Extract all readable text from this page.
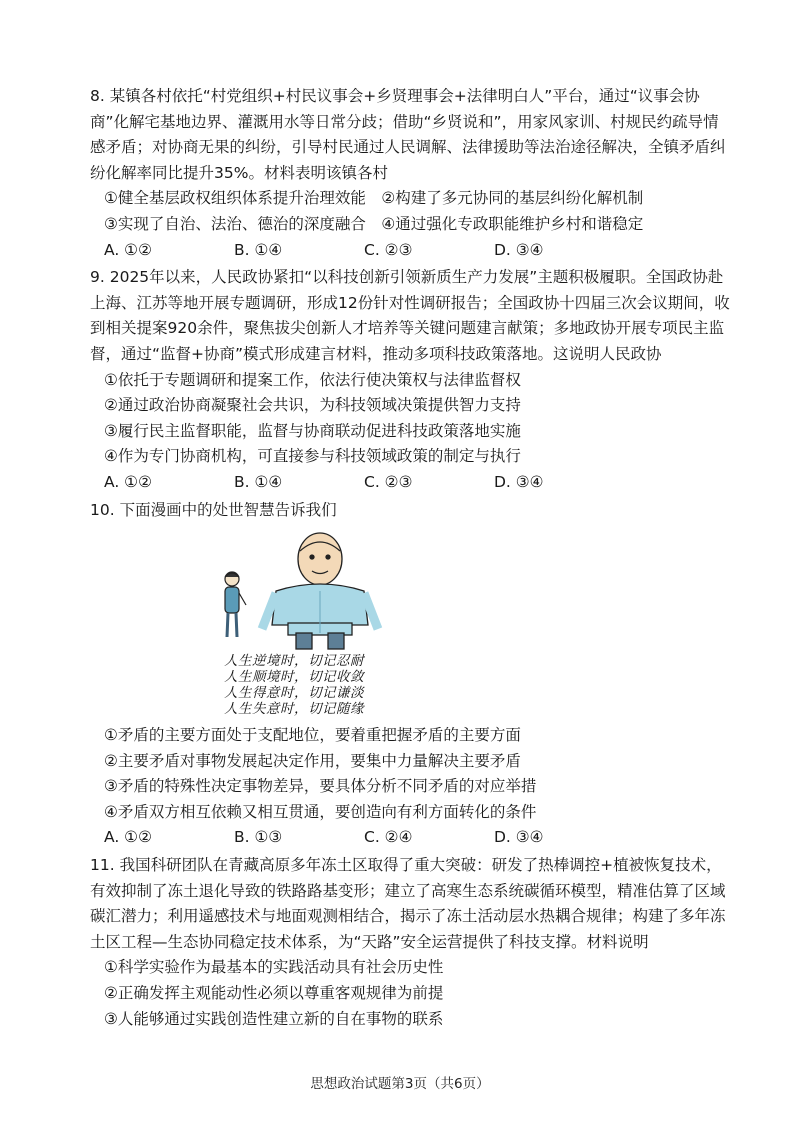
8. 某镇各村依托“村党组织+村民议事会+乡贤理事会+法律明白人”平台，通过“议事会协商”化解宅基地边界、灌溉用水等日常分歧；借助“乡贤说和”，用家风家训、村规民约疏导情感矛盾；对协商无果的纠纷，引导村民通过人民调解、法律援助等法治途径解决，全镇矛盾纠纷化解率同比提升35%。材料表明该镇各村

①健全基层政权组织体系提升治理效能　②构建了多元协同的基层纠纷化解机制

③实现了自治、法治、德治的深度融合　④通过强化专政职能维护乡村和谐稳定

A. ①②	B. ①④	C. ②③	D. ③④

9. 2025年以来，人民政协紧扣“以科技创新引领新质生产力发展”主题积极履职。全国政协赴上海、江苏等地开展专题调研，形成12份针对性调研报告；全国政协十四届三次会议期间，收到相关提案920余件，聚焦拔尖创新人才培养等关键问题建言献策；多地政协开展专项民主监督，通过“监督+协商”模式形成建言材料，推动多项科技政策落地。这说明人民政协

①依托于专题调研和提案工作，依法行使决策权与法律监督权

②通过政治协商凝聚社会共识，为科技领域决策提供智力支持

③履行民主监督职能，监督与协商联动促进科技政策落地实施

④作为专门协商机构，可直接参与科技领域政策的制定与执行

A. ①②	B. ①④	C. ②③	D. ③④

10. 下面漫画中的处世智慧告诉我们

人生逆境时，切记忍耐
人生顺境时，切记收敛
人生得意时，切记谦淡
人生失意时，切记随缘

①矛盾的主要方面处于支配地位，要着重把握矛盾的主要方面

②主要矛盾对事物发展起决定作用，要集中力量解决主要矛盾

③矛盾的特殊性决定事物差异，要具体分析不同矛盾的对应举措

④矛盾双方相互依赖又相互贯通，要创造向有利方面转化的条件

A. ①②	B. ①③	C. ②④	D. ③④

11. 我国科研团队在青藏高原多年冻土区取得了重大突破：研发了热棒调控+植被恢复技术，有效抑制了冻土退化导致的铁路路基变形；建立了高寒生态系统碳循环模型，精准估算了区域碳汇潜力；利用遥感技术与地面观测相结合，揭示了冻土活动层水热耦合规律；构建了多年冻土区工程—生态协同稳定技术体系，为“天路”安全运营提供了科技支撑。材料说明

①科学实验作为最基本的实践活动具有社会历史性

②正确发挥主观能动性必须以尊重客观规律为前提

③人能够通过实践创造性建立新的自在事物的联系

思想政治试题第3页（共6页）
